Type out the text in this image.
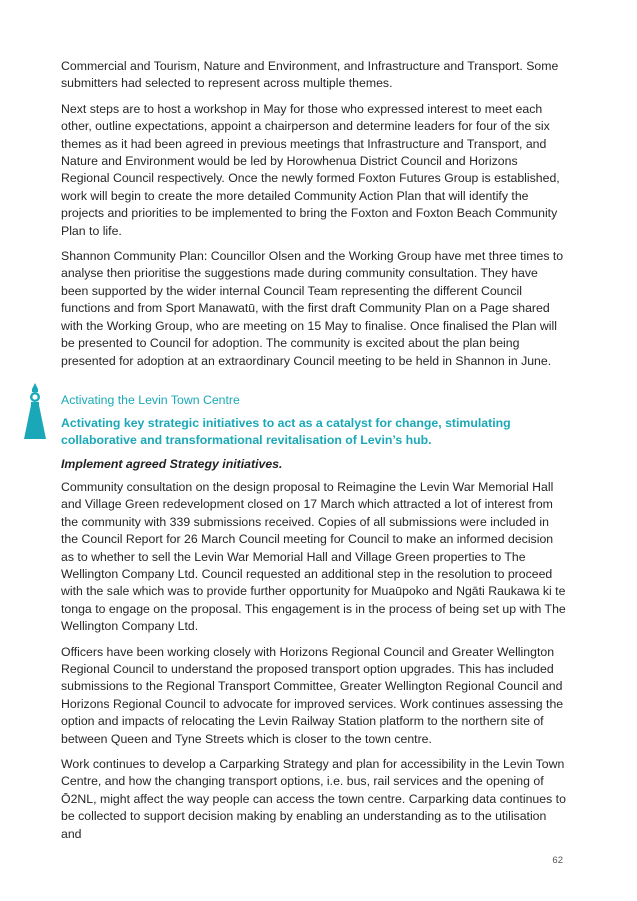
Commercial and Tourism, Nature and Environment, and Infrastructure and Transport. Some submitters had selected to represent across multiple themes.

Next steps are to host a workshop in May for those who expressed interest to meet each other, outline expectations, appoint a chairperson and determine leaders for four of the six themes as it had been agreed in previous meetings that Infrastructure and Transport, and Nature and Environment would be led by Horowhenua District Council and Horizons Regional Council respectively. Once the newly formed Foxton Futures Group is established, work will begin to create the more detailed Community Action Plan that will identify the projects and priorities to be implemented to bring the Foxton and Foxton Beach Community Plan to life.

Shannon Community Plan: Councillor Olsen and the Working Group have met three times to analyse then prioritise the suggestions made during community consultation. They have been supported by the wider internal Council Team representing the different Council functions and from Sport Manawatū, with the first draft Community Plan on a Page shared with the Working Group, who are meeting on 15 May to finalise. Once finalised the Plan will be presented to Council for adoption. The community is excited about the plan being presented for adoption at an extraordinary Council meeting to be held in Shannon in June.

Activating the Levin Town Centre
Activating key strategic initiatives to act as a catalyst for change, stimulating collaborative and transformational revitalisation of Levin’s hub.
Implement agreed Strategy initiatives.

Community consultation on the design proposal to Reimagine the Levin War Memorial Hall and Village Green redevelopment closed on 17 March which attracted a lot of interest from the community with 339 submissions received. Copies of all submissions were included in the Council Report for 26 March Council meeting for Council to make an informed decision as to whether to sell the Levin War Memorial Hall and Village Green properties to The Wellington Company Ltd. Council requested an additional step in the resolution to proceed with the sale which was to provide further opportunity for Muaūpoko and Ngāti Raukawa ki te tonga to engage on the proposal. This engagement is in the process of being set up with The Wellington Company Ltd.

Officers have been working closely with Horizons Regional Council and Greater Wellington Regional Council to understand the proposed transport option upgrades. This has included submissions to the Regional Transport Committee, Greater Wellington Regional Council and Horizons Regional Council to advocate for improved services. Work continues assessing the option and impacts of relocating the Levin Railway Station platform to the northern site of between Queen and Tyne Streets which is closer to the town centre.

Work continues to develop a Carparking Strategy and plan for accessibility in the Levin Town Centre, and how the changing transport options, i.e. bus, rail services and the opening of Ō2NL, might affect the way people can access the town centre. Carparking data continues to be collected to support decision making by enabling an understanding as to the utilisation and

62
